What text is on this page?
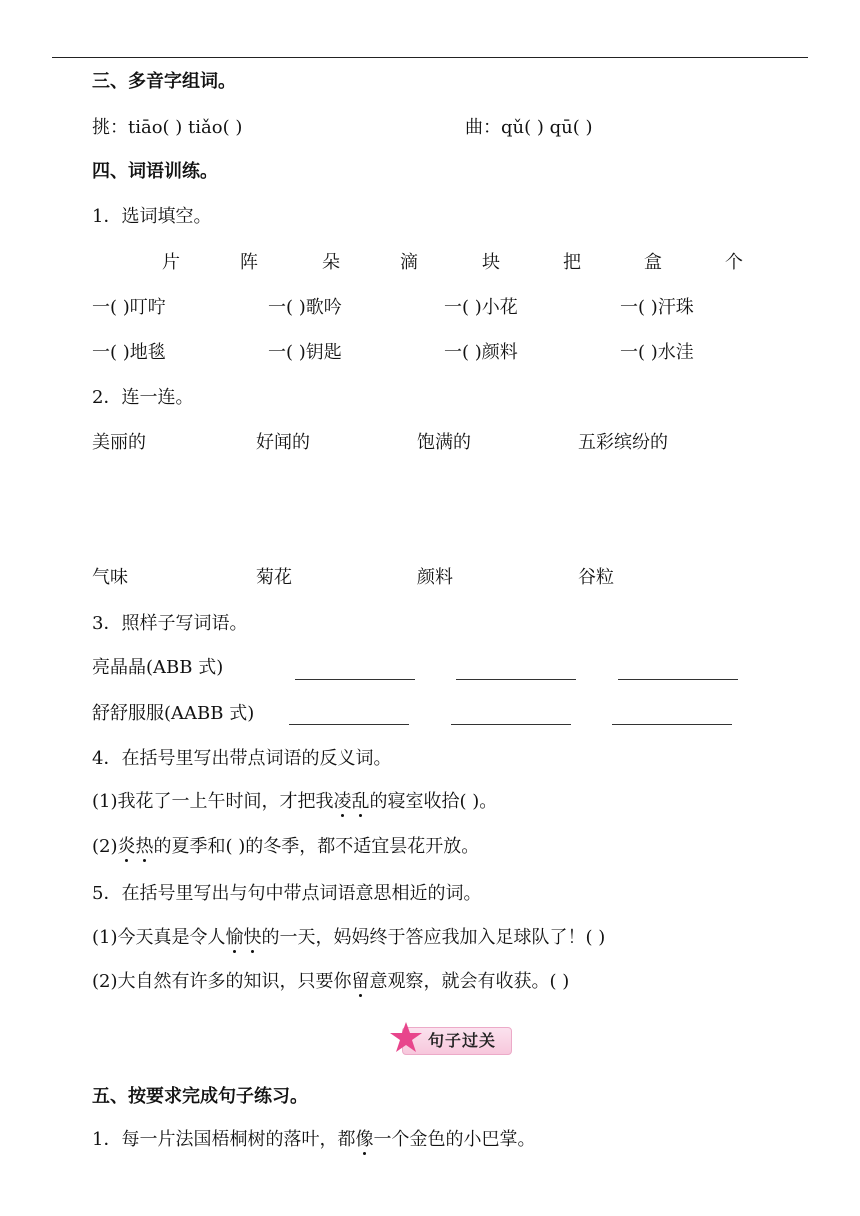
三、多音字组词。
挑：tiāo( ) tiǎo( )	曲：qǔ( ) qū( )
四、词语训练。
1．选词填空。
片	阵	朵	滴	块	把	盒	个
一( )叮咛	一( )歌吟	一( )小花	一( )汗珠
一( )地毯	一( )钥匙	一( )颜料	一( )水洼
2．连一连。
美丽的	好闻的	饱满的	五彩缤纷的
气味	菊花	颜料	谷粒
3．照样子写词语。
亮晶晶(ABB 式)
舒舒服服(AABB 式)
4．在括号里写出带点词语的反义词。
(1)我花了一上午时间，才把我凌乱的寝室收拾( )。
(2)炎热的夏季和( )的冬季，都不适宜昙花开放。
5．在括号里写出与句中带点词语意思相近的词。
(1)今天真是令人愉快的一天，妈妈终于答应我加入足球队了！( )
(2)大自然有许多的知识，只要你留意观察，就会有收获。( )
句子过关
五、按要求完成句子练习。
1．每一片法国梧桐树的落叶，都像一个金色的小巴掌。
